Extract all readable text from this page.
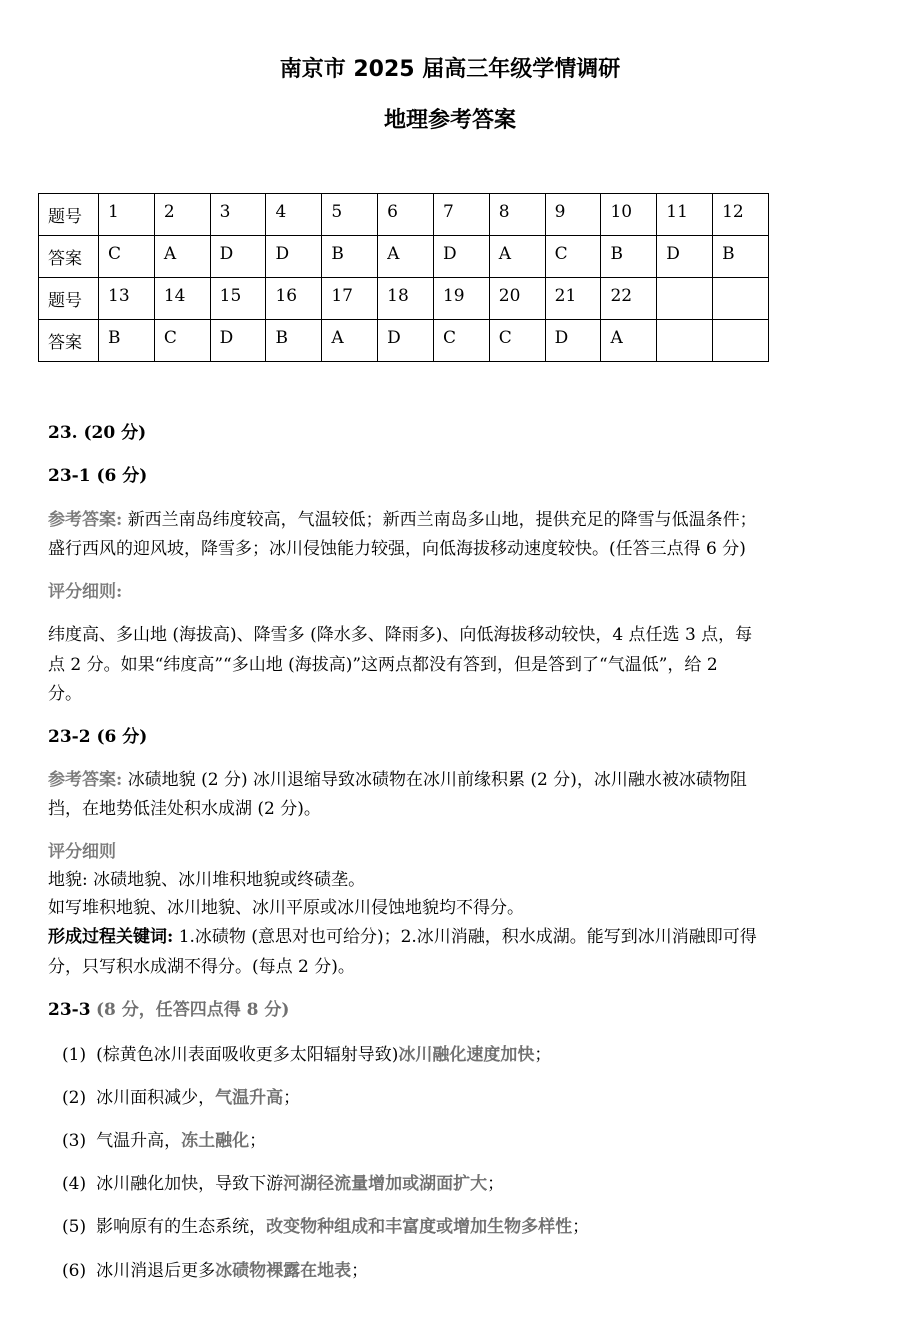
南京市 2025 届高三年级学情调研
地理参考答案
题号	1	2	3	4	5	6	7	8	9	10	11	12
答案	C	A	D	D	B	A	D	A	C	B	D	B
题号	13	14	15	16	17	18	19	20	21	22		
答案	B	C	D	B	A	D	C	C	D	A		
23. (20 分)
23-1 (6 分)
参考答案: 新西兰南岛纬度较高，气温较低；新西兰南岛多山地，提供充足的降雪与低温条件；
盛行西风的迎风坡，降雪多；冰川侵蚀能力较强，向低海拔移动速度较快。(任答三点得 6 分)
评分细则:
纬度高、多山地 (海拔高)、降雪多 (降水多、降雨多)、向低海拔移动较快，4 点任选 3 点，每
点 2 分。如果“纬度高”“多山地 (海拔高)”这两点都没有答到，但是答到了“气温低”，给 2
分。
23-2 (6 分)
参考答案: 冰碛地貌 (2 分) 冰川退缩导致冰碛物在冰川前缘积累 (2 分)，冰川融水被冰碛物阻
挡，在地势低洼处积水成湖 (2 分)。
评分细则
地貌: 冰碛地貌、冰川堆积地貌或终碛垄。
如写堆积地貌、冰川地貌、冰川平原或冰川侵蚀地貌均不得分。
形成过程关键词: 1.冰碛物 (意思对也可给分)；2.冰川消融，积水成湖。能写到冰川消融即可得
分，只写积水成湖不得分。(每点 2 分)。
23-3 (8 分，任答四点得 8 分)
(1) (棕黄色冰川表面吸收更多太阳辐射导致)冰川融化速度加快；
(2) 冰川面积减少，气温升高；
(3) 气温升高，冻土融化；
(4) 冰川融化加快，导致下游河湖径流量增加或湖面扩大；
(5) 影响原有的生态系统，改变物种组成和丰富度或增加生物多样性；
(6) 冰川消退后更多冰碛物裸露在地表；
